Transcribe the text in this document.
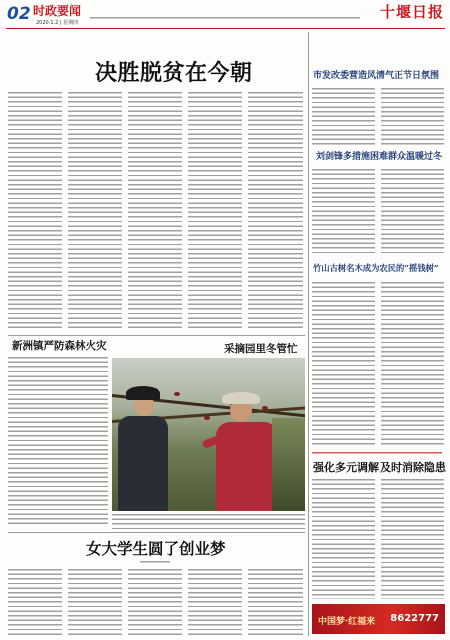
02 时政要闻
2020.1.2 | 星期四
十堰日报
决胜脱贫在今朝
新洲镇严防森林火灾	采摘园里冬管忙
女大学生圆了创业梦
市发改委营造风清气正节日氛围
刘剑锋多措施困难群众温暖过冬
竹山古树名木成为农民的“摇钱树”
强化多元调解 及时消除隐患
中国梦·红福来 8622777
